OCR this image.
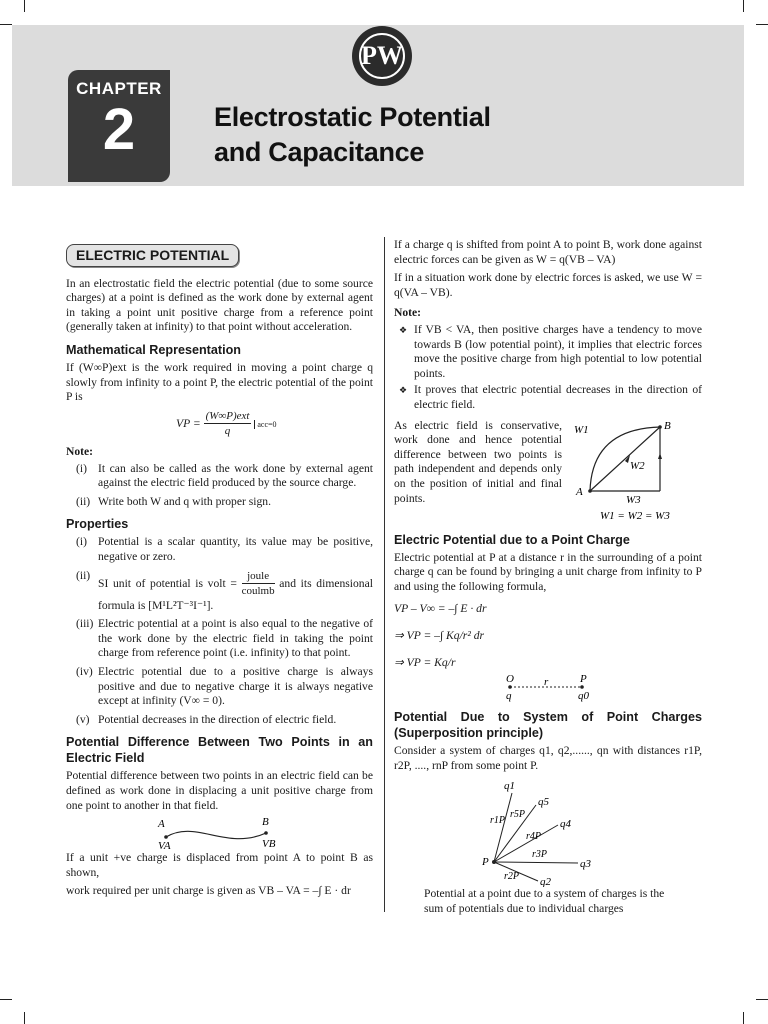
PW
CHAPTER
2	Electrostatic Potential
and Capacitance
ELECTRIC POTENTIAL

In an electrostatic field the electric potential (due to some source charges) at a point is defined as the work done by external agent in taking a point unit positive charge from a reference point (generally taken at infinity) to that point without acceleration.

Mathematical Representation

If (W∞P)ext is the work required in moving a point charge q slowly from infinity to a point P, the electric potential of the point P is

VP = $\frac{\text{(W∞P)ext}}{q} acc=0$
Note:
(i) It can also be called as the work done by external agent against the electric field produced by the source charge.
(ii) Write both W and q with proper sign.
Properties
(i) Potential is a scalar quantity, its value may be positive, negative or zero.
(ii)
SI unit of potential is volt = $\frac{\text{joule}}{\text{coulmb}}$ and its dimensional formula is [M¹L²T⁻³I⁻¹].
(iii) Electric potential at a point is also equal to the negative of the work done by the electric field in taking the point charge from reference point (i.e. infinity) to that point.
(iv) Electric potential due to a positive charge is always positive and due to negative charge it is always negative except at infinity (V∞ = 0).
(v) Potential decreases in the direction of electric field.
Potential Difference Between Two Points in an Electric Field

Potential difference between two points in an electric field can be defined as work done in displacing a unit positive charge from one point to another in that field.

A
VA
B
VB

If a unit +ve charge is displaced from point A to point B as shown,

work required per unit charge is given as VB – VA = –∫ E · dr

If a charge q is shifted from point A to point B, work done against electric forces can be given as W = q(VB – VA)

If in a situation work done by electric forces is asked, we use W = q(VA – VB).

Note:
❖ If VB < VA, then positive charges have a tendency to move towards B (low potential point), it implies that electric forces move the positive charge from high potential to low potential points.
❖ It proves that electric potential decreases in the direction of electric field.

As electric field is conservative, work done and hence potential difference between two points is path independent and depends only on the position of initial and final points.

W1
W2
W3
A
B
W1 = W2 = W3
Electric Potential due to a Point Charge

Electric potential at P at a distance r in the surrounding of a point charge q can be found by bringing a unit charge from infinity to P and using the following formula,

VP – V∞ = –∫ E · dr
⇒ VP = –∫ Kq/r² dr
⇒ VP = Kq/r
O
q
r	P
q0
Potential Due to System of Point Charges (Superposition principle)

Consider a system of charges q1, q2,......, qn with distances r1P, r2P, ...., rnP from some point P.

P
q1
q5
q4
q3
q2
r1P
r5P
r4P
r3P
r2P

Potential at a point due to a system of charges is the sum of potentials due to individual charges
